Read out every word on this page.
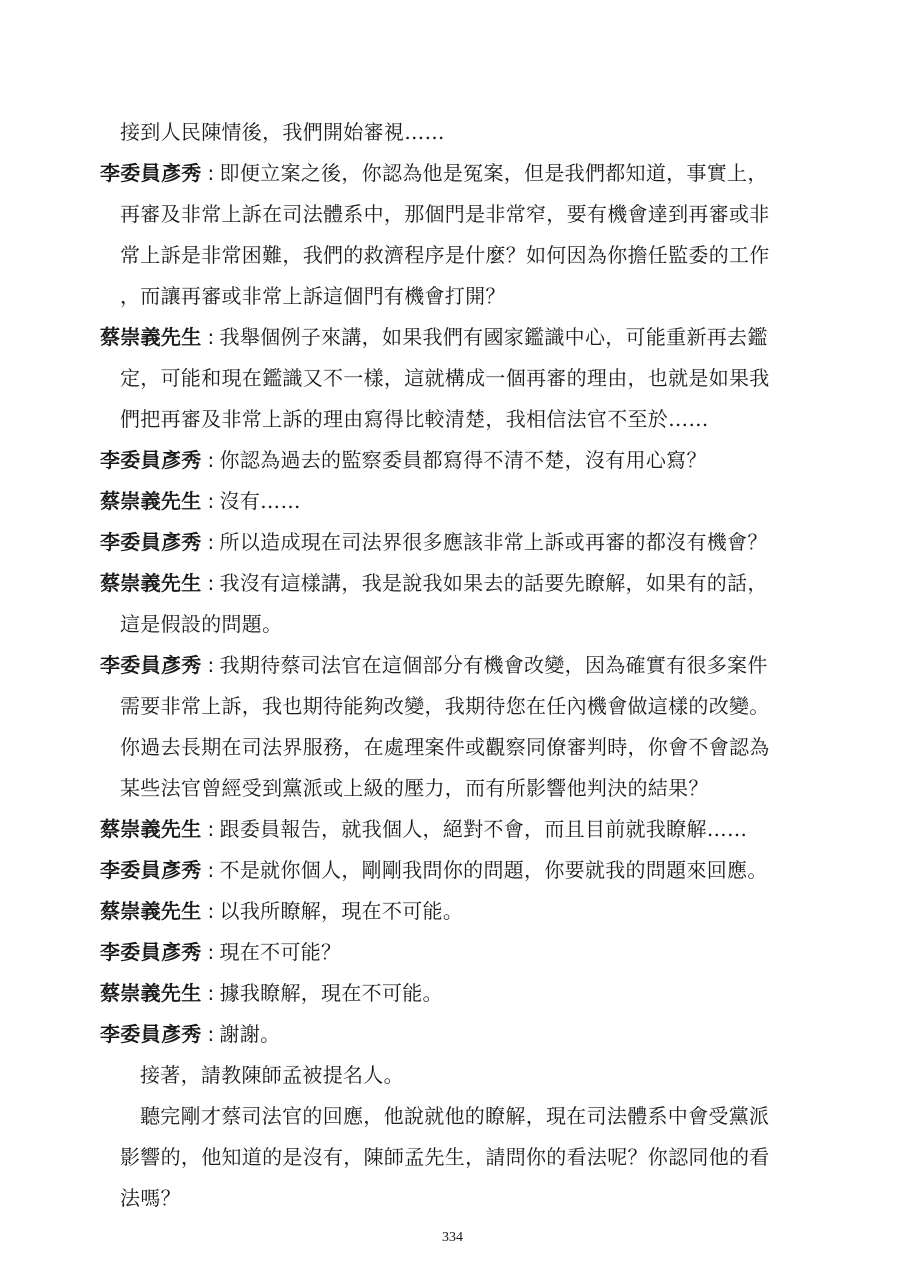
接到人民陳情後，我們開始審視……
李委員彥秀 : 即便立案之後，你認為他是冤案，但是我們都知道，事實上，
再審及非常上訴在司法體系中，那個門是非常窄，要有機會達到再審或非
常上訴是非常困難，我們的救濟程序是什麼？如何因為你擔任監委的工作
，而讓再審或非常上訴這個門有機會打開？
蔡崇義先生 : 我舉個例子來講，如果我們有國家鑑識中心，可能重新再去鑑
定，可能和現在鑑識又不一樣，這就構成一個再審的理由，也就是如果我
們把再審及非常上訴的理由寫得比較清楚，我相信法官不至於……
李委員彥秀 : 你認為過去的監察委員都寫得不清不楚，沒有用心寫？
蔡崇義先生 : 沒有……
李委員彥秀 : 所以造成現在司法界很多應該非常上訴或再審的都沒有機會？
蔡崇義先生 : 我沒有這樣講，我是說我如果去的話要先瞭解，如果有的話，
這是假設的問題。
李委員彥秀 : 我期待蔡司法官在這個部分有機會改變，因為確實有很多案件
需要非常上訴，我也期待能夠改變，我期待您在任內機會做這樣的改變。
你過去長期在司法界服務，在處理案件或觀察同僚審判時，你會不會認為
某些法官曾經受到黨派或上級的壓力，而有所影響他判決的結果？
蔡崇義先生 : 跟委員報告，就我個人，絕對不會，而且目前就我瞭解……
李委員彥秀 : 不是就你個人，剛剛我問你的問題，你要就我的問題來回應。
蔡崇義先生 : 以我所瞭解，現在不可能。
李委員彥秀 : 現在不可能？
蔡崇義先生 : 據我瞭解，現在不可能。
李委員彥秀 : 謝謝。
接著，請教陳師孟被提名人。
聽完剛才蔡司法官的回應，他說就他的瞭解，現在司法體系中會受黨派
影響的，他知道的是沒有，陳師孟先生，請問你的看法呢？你認同他的看
法嗎？
334
